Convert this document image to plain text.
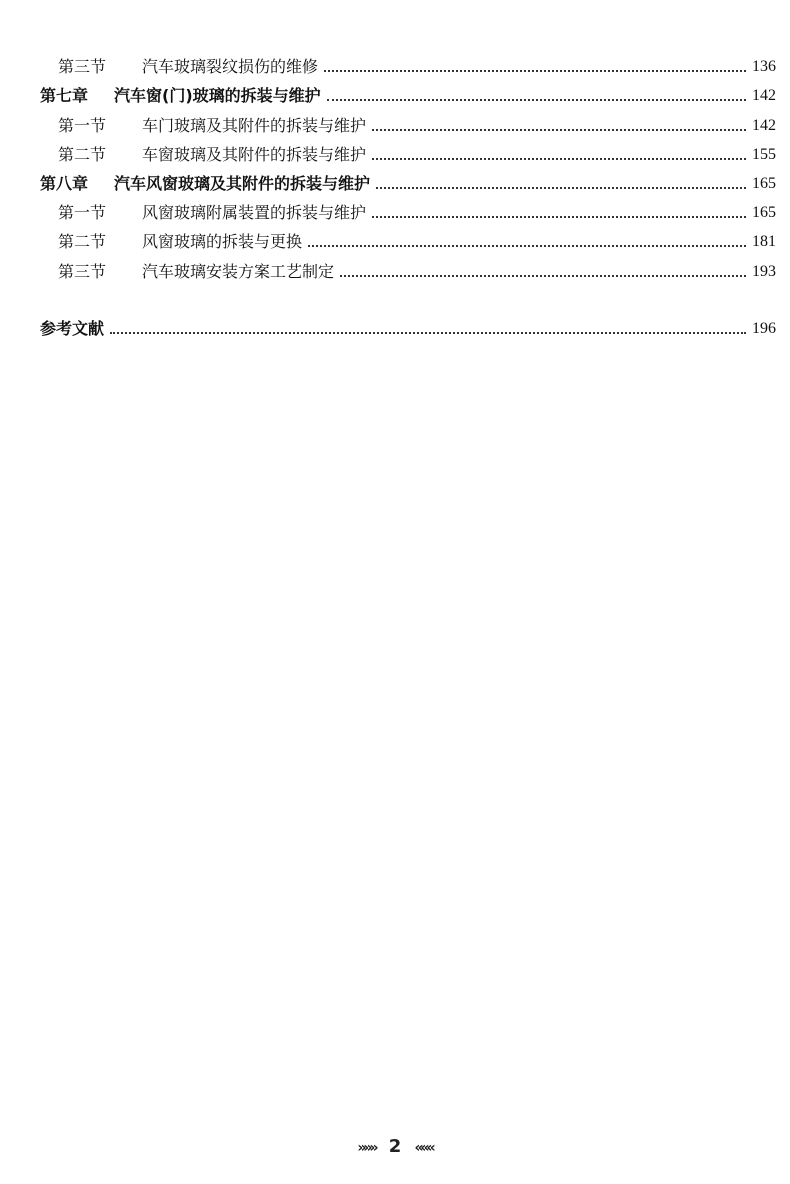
第三节	汽车玻璃裂纹损伤的维修	136
第七章	汽车窗(门)玻璃的拆装与维护	142
第一节	车门玻璃及其附件的拆装与维护	142
第二节	车窗玻璃及其附件的拆装与维护	155
第八章	汽车风窗玻璃及其附件的拆装与维护	165
第一节	风窗玻璃附属装置的拆装与维护	165
第二节	风窗玻璃的拆装与更换	181
第三节	汽车玻璃安装方案工艺制定	193
参考文献	196
»»» 2 «««
